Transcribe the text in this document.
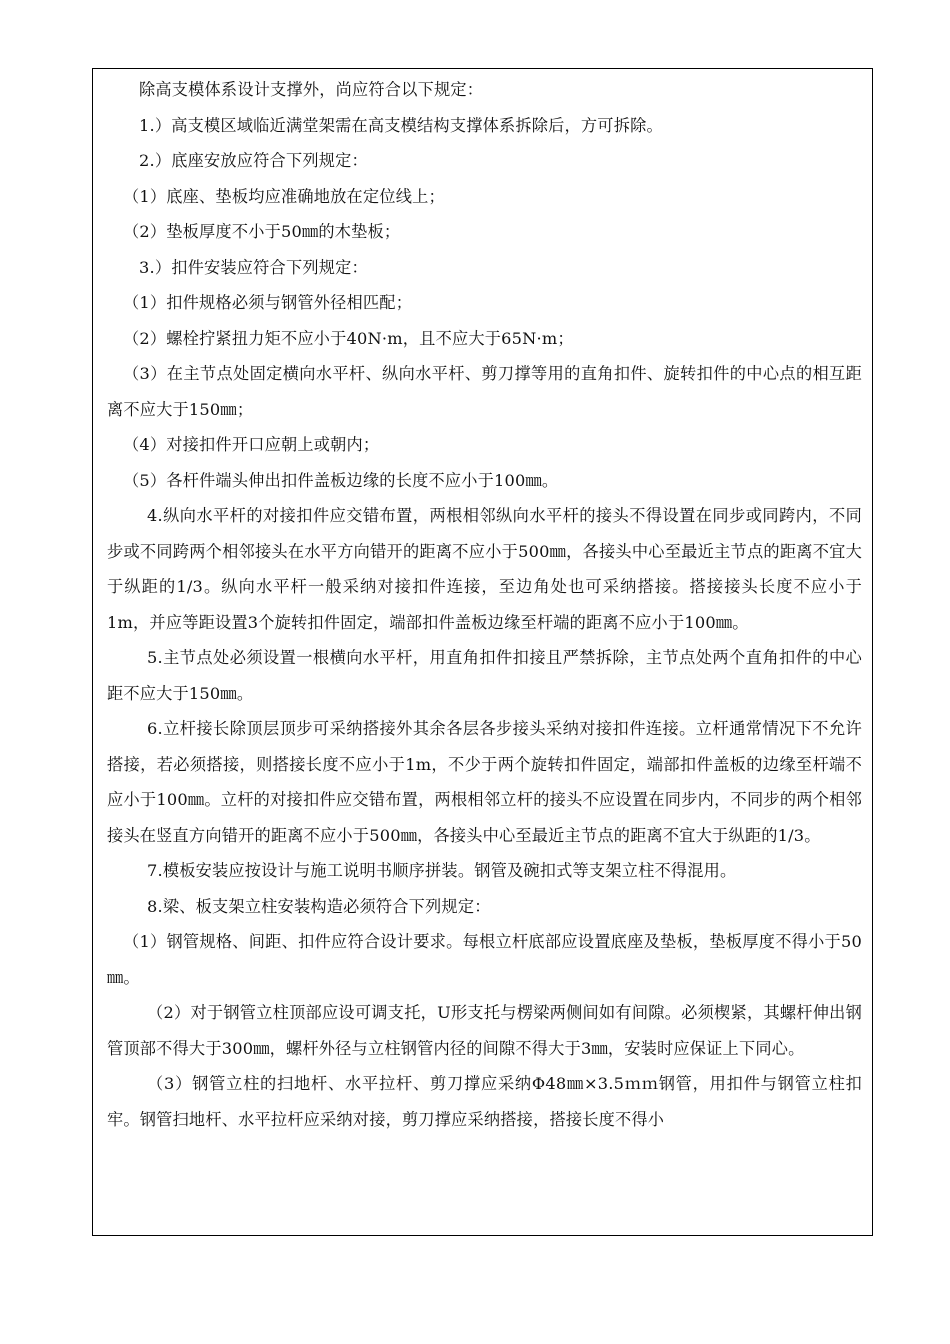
除高支模体系设计支撑外，尚应符合以下规定：

1.）高支模区域临近满堂架需在高支模结构支撑体系拆除后，方可拆除。

2.）底座安放应符合下列规定：

（1）底座、垫板均应准确地放在定位线上；

（2）垫板厚度不小于50㎜的木垫板；

3.）扣件安装应符合下列规定：

（1）扣件规格必须与钢管外径相匹配；

（2）螺栓拧紧扭力矩不应小于40N·m，且不应大于65N·m；

（3）在主节点处固定横向水平杆、纵向水平杆、剪刀撑等用的直角扣件、旋转扣件的中心点的相互距离不应大于150㎜；

（4）对接扣件开口应朝上或朝内；

（5）各杆件端头伸出扣件盖板边缘的长度不应小于100㎜。

4.纵向水平杆的对接扣件应交错布置，两根相邻纵向水平杆的接头不得设置在同步或同跨内，不同步或不同跨两个相邻接头在水平方向错开的距离不应小于500㎜，各接头中心至最近主节点的距离不宜大于纵距的1/3。纵向水平杆一般采纳对接扣件连接，至边角处也可采纳搭接。搭接接头长度不应小于1m，并应等距设置3个旋转扣件固定，端部扣件盖板边缘至杆端的距离不应小于100㎜。

5.主节点处必须设置一根横向水平杆，用直角扣件扣接且严禁拆除，主节点处两个直角扣件的中心距不应大于150㎜。

6.立杆接长除顶层顶步可采纳搭接外其余各层各步接头采纳对接扣件连接。立杆通常情况下不允许搭接，若必须搭接，则搭接长度不应小于1m，不少于两个旋转扣件固定，端部扣件盖板的边缘至杆端不应小于100㎜。立杆的对接扣件应交错布置，两根相邻立杆的接头不应设置在同步内，不同步的两个相邻接头在竖直方向错开的距离不应小于500㎜，各接头中心至最近主节点的距离不宜大于纵距的1/3。

7.模板安装应按设计与施工说明书顺序拼装。钢管及碗扣式等支架立柱不得混用。

8.梁、板支架立柱安装构造必须符合下列规定：

（1）钢管规格、间距、扣件应符合设计要求。每根立杆底部应设置底座及垫板，垫板厚度不得小于50㎜。

（2）对于钢管立柱顶部应设可调支托，U形支托与楞梁两侧间如有间隙。必须楔紧，其螺杆伸出钢管顶部不得大于300㎜，螺杆外径与立柱钢管内径的间隙不得大于3㎜，安装时应保证上下同心。

（3）钢管立柱的扫地杆、水平拉杆、剪刀撑应采纳Φ48㎜×3.5ｍｍ钢管，用扣件与钢管立柱扣牢。钢管扫地杆、水平拉杆应采纳对接，剪刀撑应采纳搭接，搭接长度不得小
